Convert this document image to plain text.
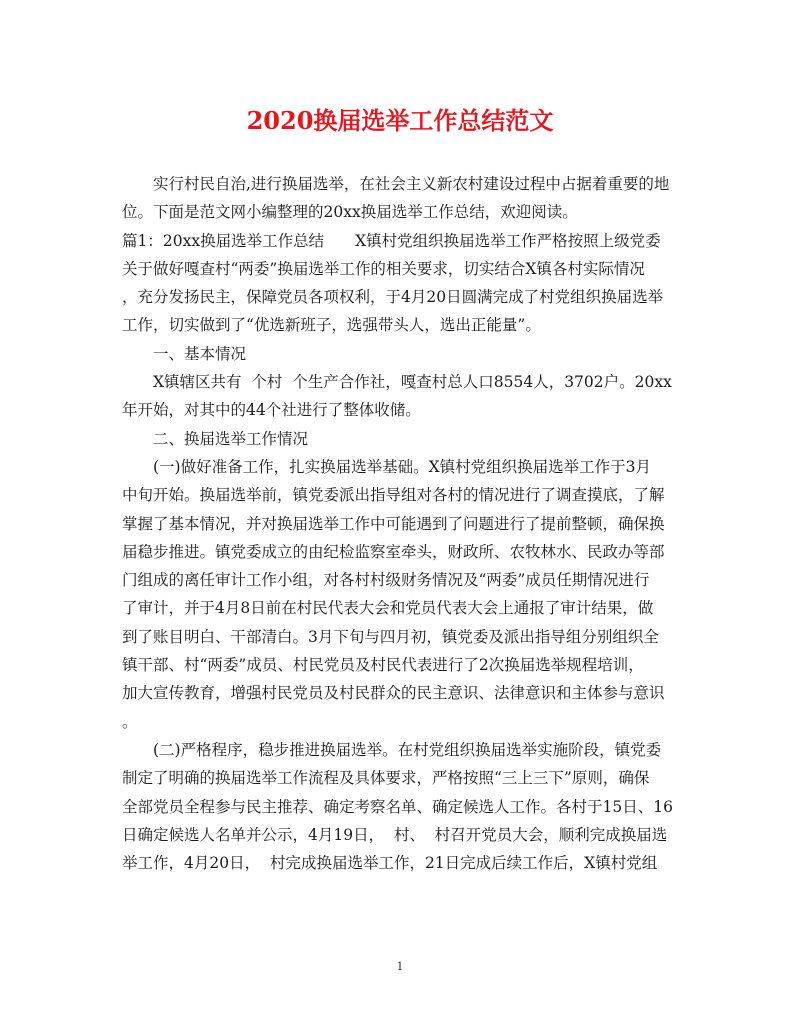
2020换届选举工作总结范文
实行村民自治,进行换届选举，在社会主义新农村建设过程中占据着重要的地
位。下面是范文网小编整理的20xx换届选举工作总结，欢迎阅读。
篇1：20xx换届选举工作总结　　X镇村党组织换届选举工作严格按照上级党委
关于做好嘎查村“两委”换届选举工作的相关要求，切实结合X镇各村实际情况
，充分发扬民主，保障党员各项权利，于4月20日圆满完成了村党组织换届选举
工作，切实做到了“优选新班子，选强带头人，选出正能量”。
一、基本情况
X镇辖区共有  个村  个生产合作社，嘎查村总人口8554人，3702户。20xx
年开始，对其中的44个社进行了整体收储。
二、换届选举工作情况
(一)做好准备工作，扎实换届选举基础。X镇村党组织换届选举工作于3月
中旬开始。换届选举前，镇党委派出指导组对各村的情况进行了调查摸底，了解
掌握了基本情况，并对换届选举工作中可能遇到了问题进行了提前整顿，确保换
届稳步推进。镇党委成立的由纪检监察室牵头，财政所、农牧林水、民政办等部
门组成的离任审计工作小组，对各村村级财务情况及“两委”成员任期情况进行
了审计，并于4月8日前在村民代表大会和党员代表大会上通报了审计结果，做
到了账目明白、干部清白。3月下旬与四月初，镇党委及派出指导组分别组织全
镇干部、村“两委”成员、村民党员及村民代表进行了2次换届选举规程培训，
加大宣传教育，增强村民党员及村民群众的民主意识、法律意识和主体参与意识
。
(二)严格程序，稳步推进换届选举。在村党组织换届选举实施阶段，镇党委
制定了明确的换届选举工作流程及具体要求，严格按照“三上三下”原则，确保
全部党员全程参与民主推荐、确定考察名单、确定候选人工作。各村于15日、16
日确定候选人名单并公示，4月19日，  村、  村召开党员大会，顺利完成换届选
举工作，4月20日，  村完成换届选举工作，21日完成后续工作后，X镇村党组
1
